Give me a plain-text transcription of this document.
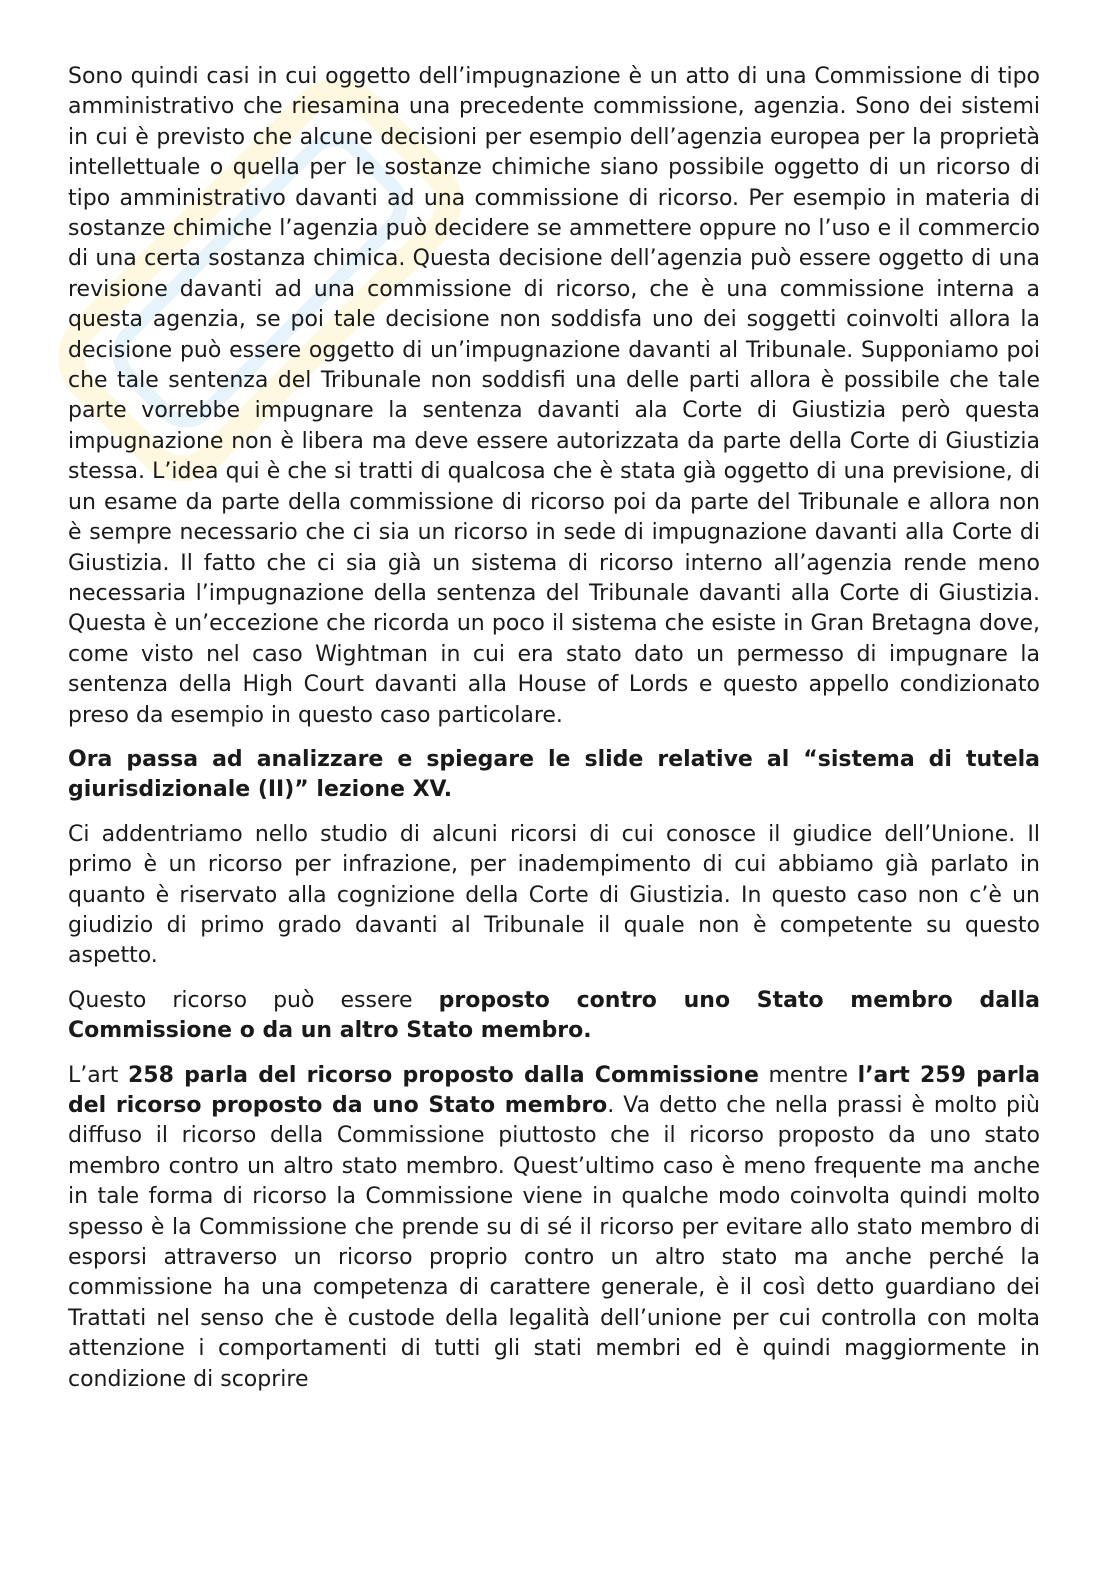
Sono quindi casi in cui oggetto dell’impugnazione è un atto di una Commissione di tipo amministrativo che riesamina una precedente commissione, agenzia. Sono dei sistemi in cui è previsto che alcune decisioni per esempio dell’agenzia europea per la proprietà intellettuale o quella per le sostanze chimiche siano possibile oggetto di un ricorso di tipo amministrativo davanti ad una commissione di ricorso. Per esempio in materia di sostanze chimiche l’agenzia può decidere se ammettere oppure no l’uso e il commercio di una certa sostanza chimica. Questa decisione dell’agenzia può essere oggetto di una revisione davanti ad una commissione di ricorso, che è una commissione interna a questa agenzia, se poi tale decisione non soddisfa uno dei soggetti coinvolti allora la decisione può essere oggetto di un’impugnazione davanti al Tribunale. Supponiamo poi che tale sentenza del Tribunale non soddisfi una delle parti allora è possibile che tale parte vorrebbe impugnare la sentenza davanti ala Corte di Giustizia però questa impugnazione non è libera ma deve essere autorizzata da parte della Corte di Giustizia stessa. L’idea qui è che si tratti di qualcosa che è stata già oggetto di una previsione, di un esame da parte della commissione di ricorso poi da parte del Tribunale e allora non è sempre necessario che ci sia un ricorso in sede di impugnazione davanti alla Corte di Giustizia. Il fatto che ci sia già un sistema di ricorso interno all’agenzia rende meno necessaria l’impugnazione della sentenza del Tribunale davanti alla Corte di Giustizia. Questa è un’eccezione che ricorda un poco il sistema che esiste in Gran Bretagna dove, come visto nel caso Wightman in cui era stato dato un permesso di impugnare la sentenza della High Court davanti alla House of Lords e questo appello condizionato preso da esempio in questo caso particolare.

Ora passa ad analizzare e spiegare le slide relative al “sistema di tutela giurisdizionale (II)” lezione XV.

Ci addentriamo nello studio di alcuni ricorsi di cui conosce il giudice dell’Unione. Il primo è un ricorso per infrazione, per inadempimento di cui abbiamo già parlato in quanto è riservato alla cognizione della Corte di Giustizia. In questo caso non c’è un giudizio di primo grado davanti al Tribunale il quale non è competente su questo aspetto.

Questo ricorso può essere proposto contro uno Stato membro dalla Commissione o da un altro Stato membro.

L’art 258 parla del ricorso proposto dalla Commissione mentre l’art 259 parla del ricorso proposto da uno Stato membro. Va detto che nella prassi è molto più diffuso il ricorso della Commissione piuttosto che il ricorso proposto da uno stato membro contro un altro stato membro. Quest’ultimo caso è meno frequente ma anche in tale forma di ricorso la Commissione viene in qualche modo coinvolta quindi molto spesso è la Commissione che prende su di sé il ricorso per evitare allo stato membro di esporsi attraverso un ricorso proprio contro un altro stato ma anche perché la commissione ha una competenza di carattere generale, è il così detto guardiano dei Trattati nel senso che è custode della legalità dell’unione per cui controlla con molta attenzione i comportamenti di tutti gli stati membri ed è quindi maggiormente in condizione di scoprire
